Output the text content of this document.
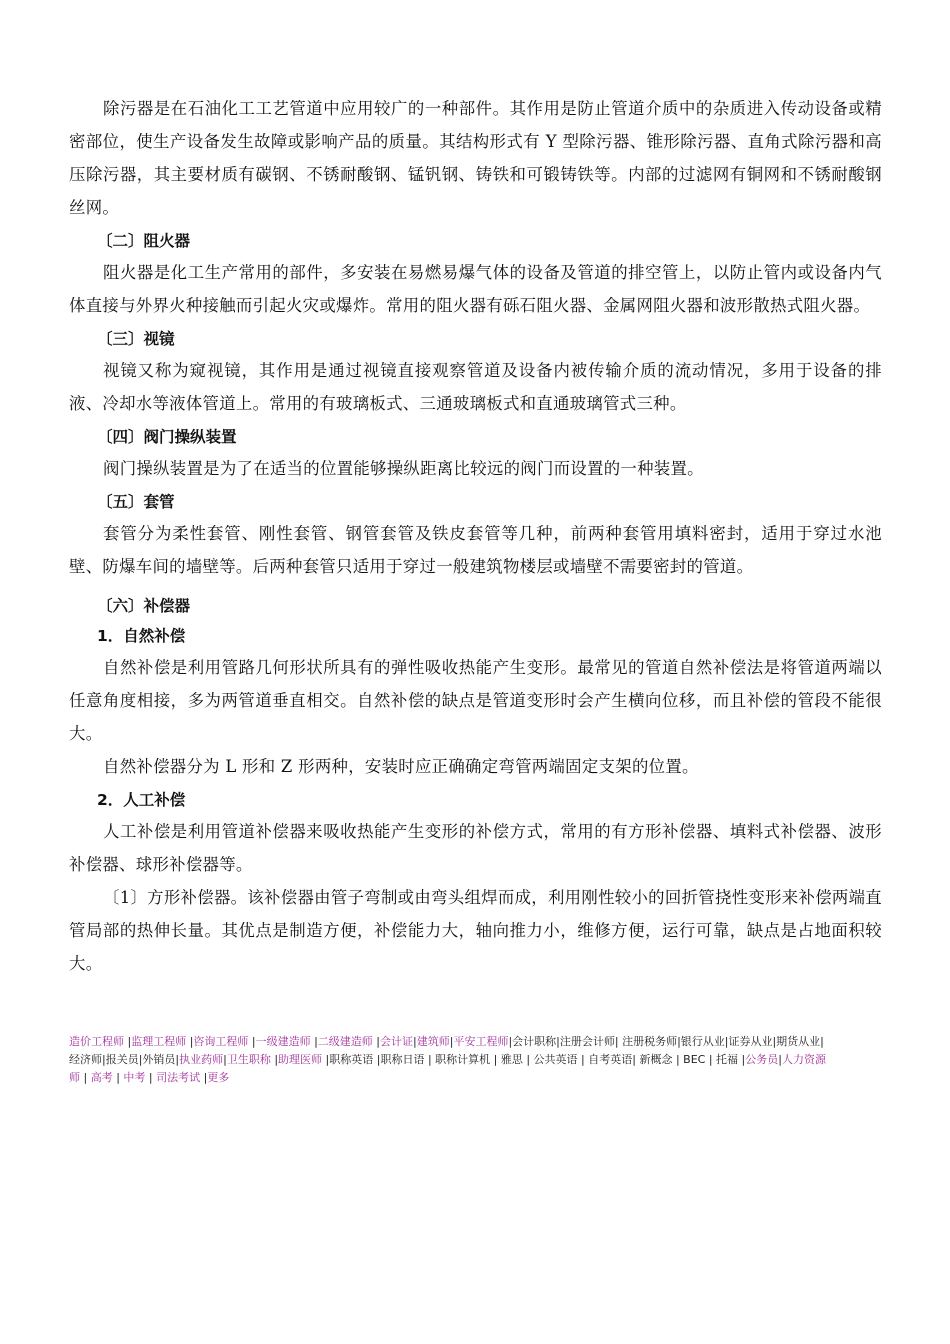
除污器是在石油化工工艺管道中应用较广的一种部件。其作用是防止管道介质中的杂质进入传动设备或精密部位，使生产设备发生故障或影响产品的质量。其结构形式有 Y 型除污器、锥形除污器、直角式除污器和高压除污器，其主要材质有碳钢、不锈耐酸钢、锰钒钢、铸铁和可锻铸铁等。内部的过滤网有铜网和不锈耐酸钢丝网。

〔二〕阻火器

阻火器是化工生产常用的部件，多安装在易燃易爆气体的设备及管道的排空管上，以防止管内或设备内气体直接与外界火种接触而引起火灾或爆炸。常用的阻火器有砾石阻火器、金属网阻火器和波形散热式阻火器。

〔三〕视镜

视镜又称为窥视镜，其作用是通过视镜直接观察管道及设备内被传输介质的流动情况，多用于设备的排液、冷却水等液体管道上。常用的有玻璃板式、三通玻璃板式和直通玻璃管式三种。

〔四〕阀门操纵装置

阀门操纵装置是为了在适当的位置能够操纵距离比较远的阀门而设置的一种装置。

〔五〕套管

套管分为柔性套管、刚性套管、钢管套管及铁皮套管等几种，前两种套管用填料密封，适用于穿过水池壁、防爆车间的墙壁等。后两种套管只适用于穿过一般建筑物楼层或墙壁不需要密封的管道。

〔六〕补偿器
1．自然补偿

自然补偿是利用管路几何形状所具有的弹性吸收热能产生变形。最常见的管道自然补偿法是将管道两端以任意角度相接，多为两管道垂直相交。自然补偿的缺点是管道变形时会产生横向位移，而且补偿的管段不能很大。

自然补偿器分为 L 形和 Z 形两种，安装时应正确确定弯管两端固定支架的位置。

2．人工补偿

人工补偿是利用管道补偿器来吸收热能产生变形的补偿方式，常用的有方形补偿器、填料式补偿器、波形补偿器、球形补偿器等。

〔1〕方形补偿器。该补偿器由管子弯制或由弯头组焊而成，利用刚性较小的回折管挠性变形来补偿两端直管局部的热伸长量。其优点是制造方便，补偿能力大，轴向推力小，维修方便，运行可靠，缺点是占地面积较大。

造价工程师 |监理工程师 |咨询工程师 |一级建造师 |二级建造师 |会计证|建筑师|平安工程师|会计职称|注册会计师| 注册税务师|银行从业|证券从业|期货从业|经济师|报关员|外销员|执业药师|卫生职称 |助理医师 |职称英语 |职称日语 | 职称计算机 | 雅思 | 公共英语 | 自考英语| 新概念 | BEC | 托福 |公务员|人力资源师 | 高考 | 中考 | 司法考试 |更多
